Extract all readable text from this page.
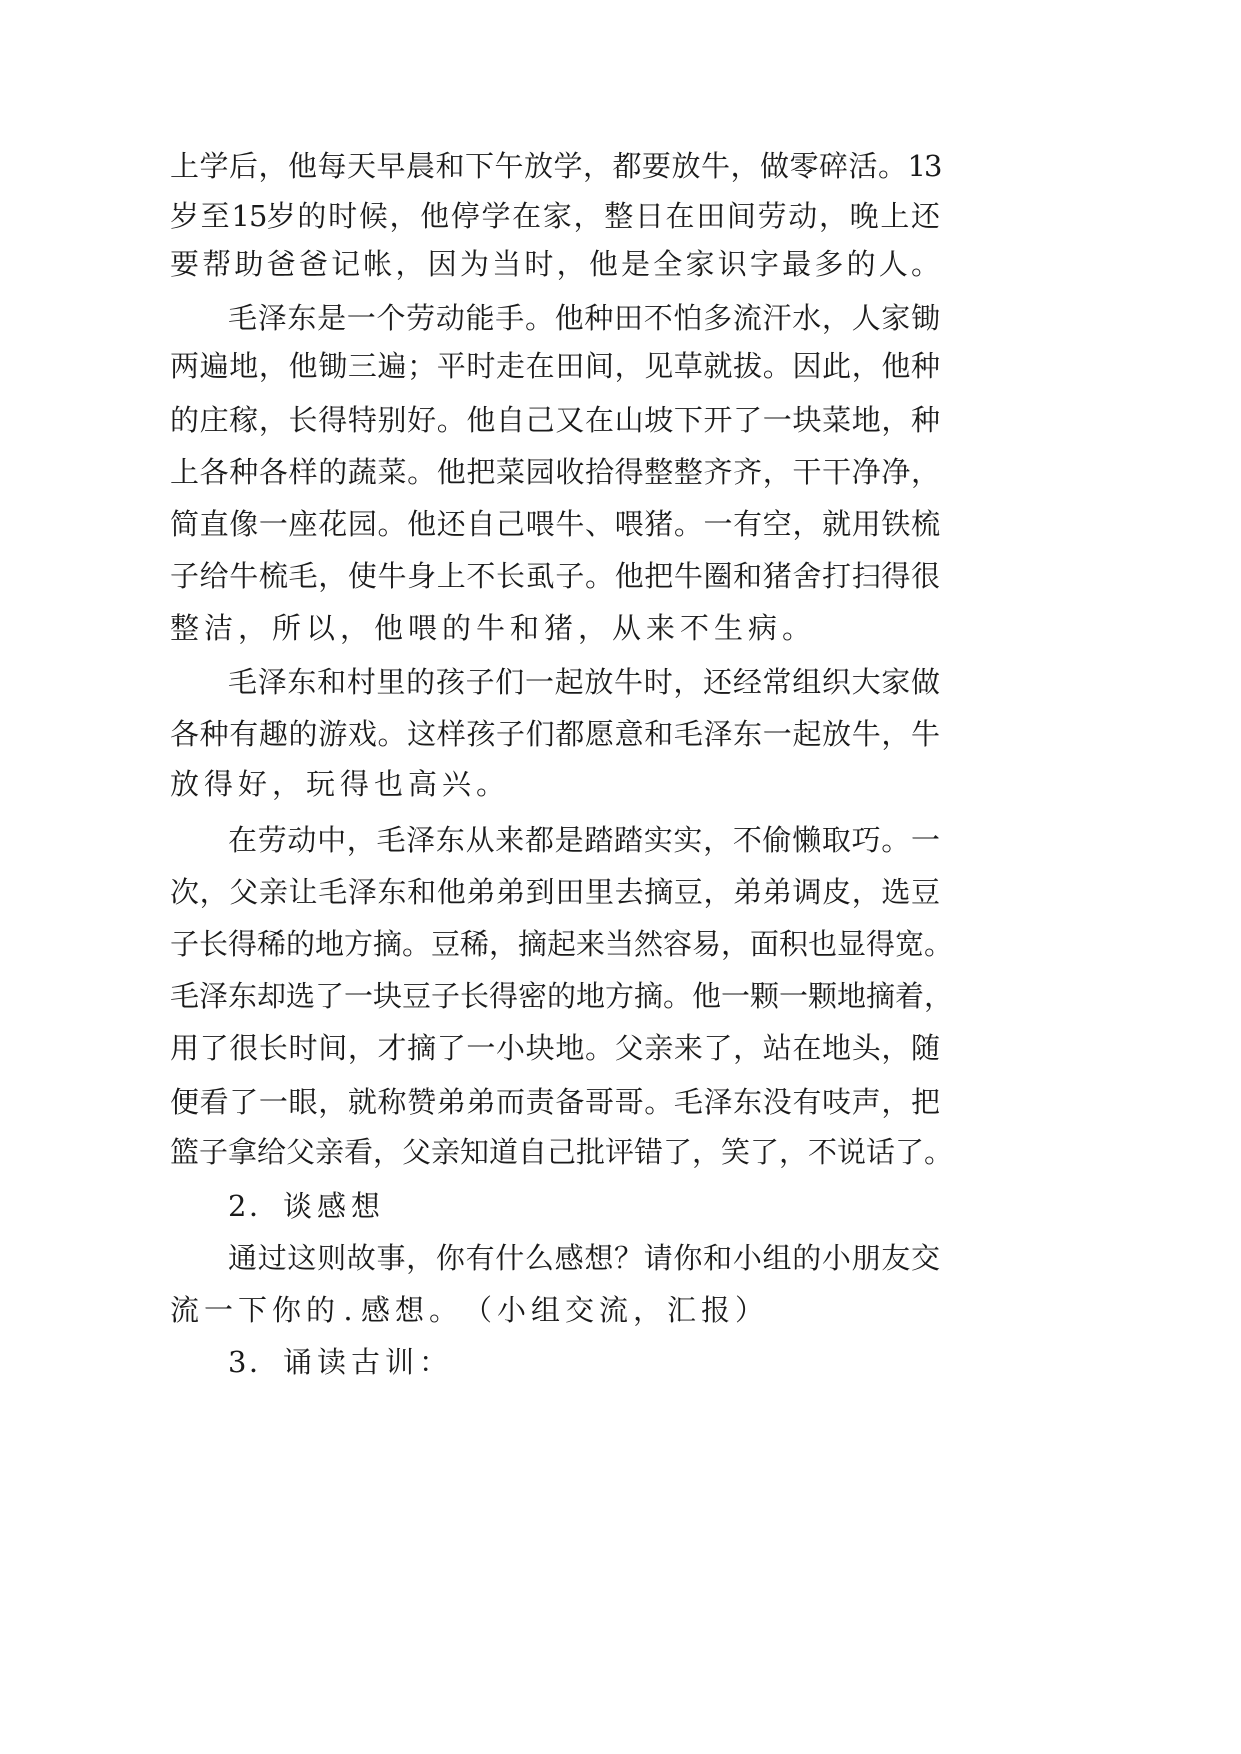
上 学 后 ， 他 每 天 早 晨 和 下 午 放 学 ， 都 要 放 牛 ， 做 零 碎 活 。 1
3
岁 至 1 5 岁 的 时 候 ， 他 停 学 在 家 ， 整 日 在 田 间 劳 动 ， 晚 上 还
要 帮 助 爸 爸 记 帐 ， 因 为 当 时 ， 他 是 全 家 识 字 最 多 的 人 。
毛 泽 东 是 一 个 劳 动 能 手 。 他 种 田 不 怕 多 流 汗 水 ， 人 家 锄
两 遍 地 ， 他 锄 三 遍 ； 平 时 走 在 田 间 ， 见 草 就 拔 。 因 此 ， 他 种
的 庄 稼 ， 长 得 特 别 好 。 他 自 己 又 在 山 坡 下 开 了 一 块 菜 地 ， 种
上 各 种 各 样 的 蔬 菜 。 他 把 菜 园 收 拾 得 整 整 齐 齐 ， 干 干 净 净 ，
简 直 像 一 座 花 园 。 他 还 自 己 喂 牛 、 喂 猪 。 一 有 空 ， 就 用 铁 梳
子 给 牛 梳 毛 ， 使 牛 身 上 不 长 虱 子 。 他 把 牛 圈 和 猪 舍 打 扫 得 很
整 洁 ， 所 以 ， 他 喂 的 牛 和 猪 ， 从 来 不 生 病 。
毛 泽 东 和 村 里 的 孩 子 们 一 起 放 牛 时 ， 还 经 常 组 织 大 家 做
各 种 有 趣 的 游 戏 。 这 样 孩 子 们 都 愿 意 和 毛 泽 东 一 起 放 牛 ， 牛
放 得 好 ， 玩 得 也 高 兴 。
在 劳 动 中 ， 毛 泽 东 从 来 都 是 踏 踏 实 实 ， 不 偷 懒 取 巧 。 一
次 ， 父 亲 让 毛 泽 东 和 他 弟 弟 到 田 里 去 摘 豆 ， 弟 弟 调 皮 ， 选 豆
子 长 得 稀 的 地 方 摘 。 豆 稀 ， 摘 起 来 当 然 容 易 ， 面 积 也 显 得 宽 。
毛 泽 东 却 选 了 一 块 豆 子 长 得 密 的 地 方 摘 。 他 一 颗 一 颗 地 摘 着 ，
用 了 很 长 时 间 ， 才 摘 了 一 小 块 地 。 父 亲 来 了 ， 站 在 地 头 ， 随
便 看 了 一 眼 ， 就 称 赞 弟 弟 而 责 备 哥 哥 。 毛 泽 东 没 有 吱 声 ， 把
篮 子 拿 给 父 亲 看 ， 父 亲 知 道 自 己 批 评 错 了 ， 笑 了 ， 不 说 话 了 。
2 ． 谈 感 想
通 过 这 则 故 事 ， 你 有 什 么 感 想 ？ 请 你 和 小 组 的 小 朋 友 交
流 一 下 你 的 . 感 想 。 （ 小 组 交 流 ， 汇 报 ）
3 ． 诵 读 古 训 ：
